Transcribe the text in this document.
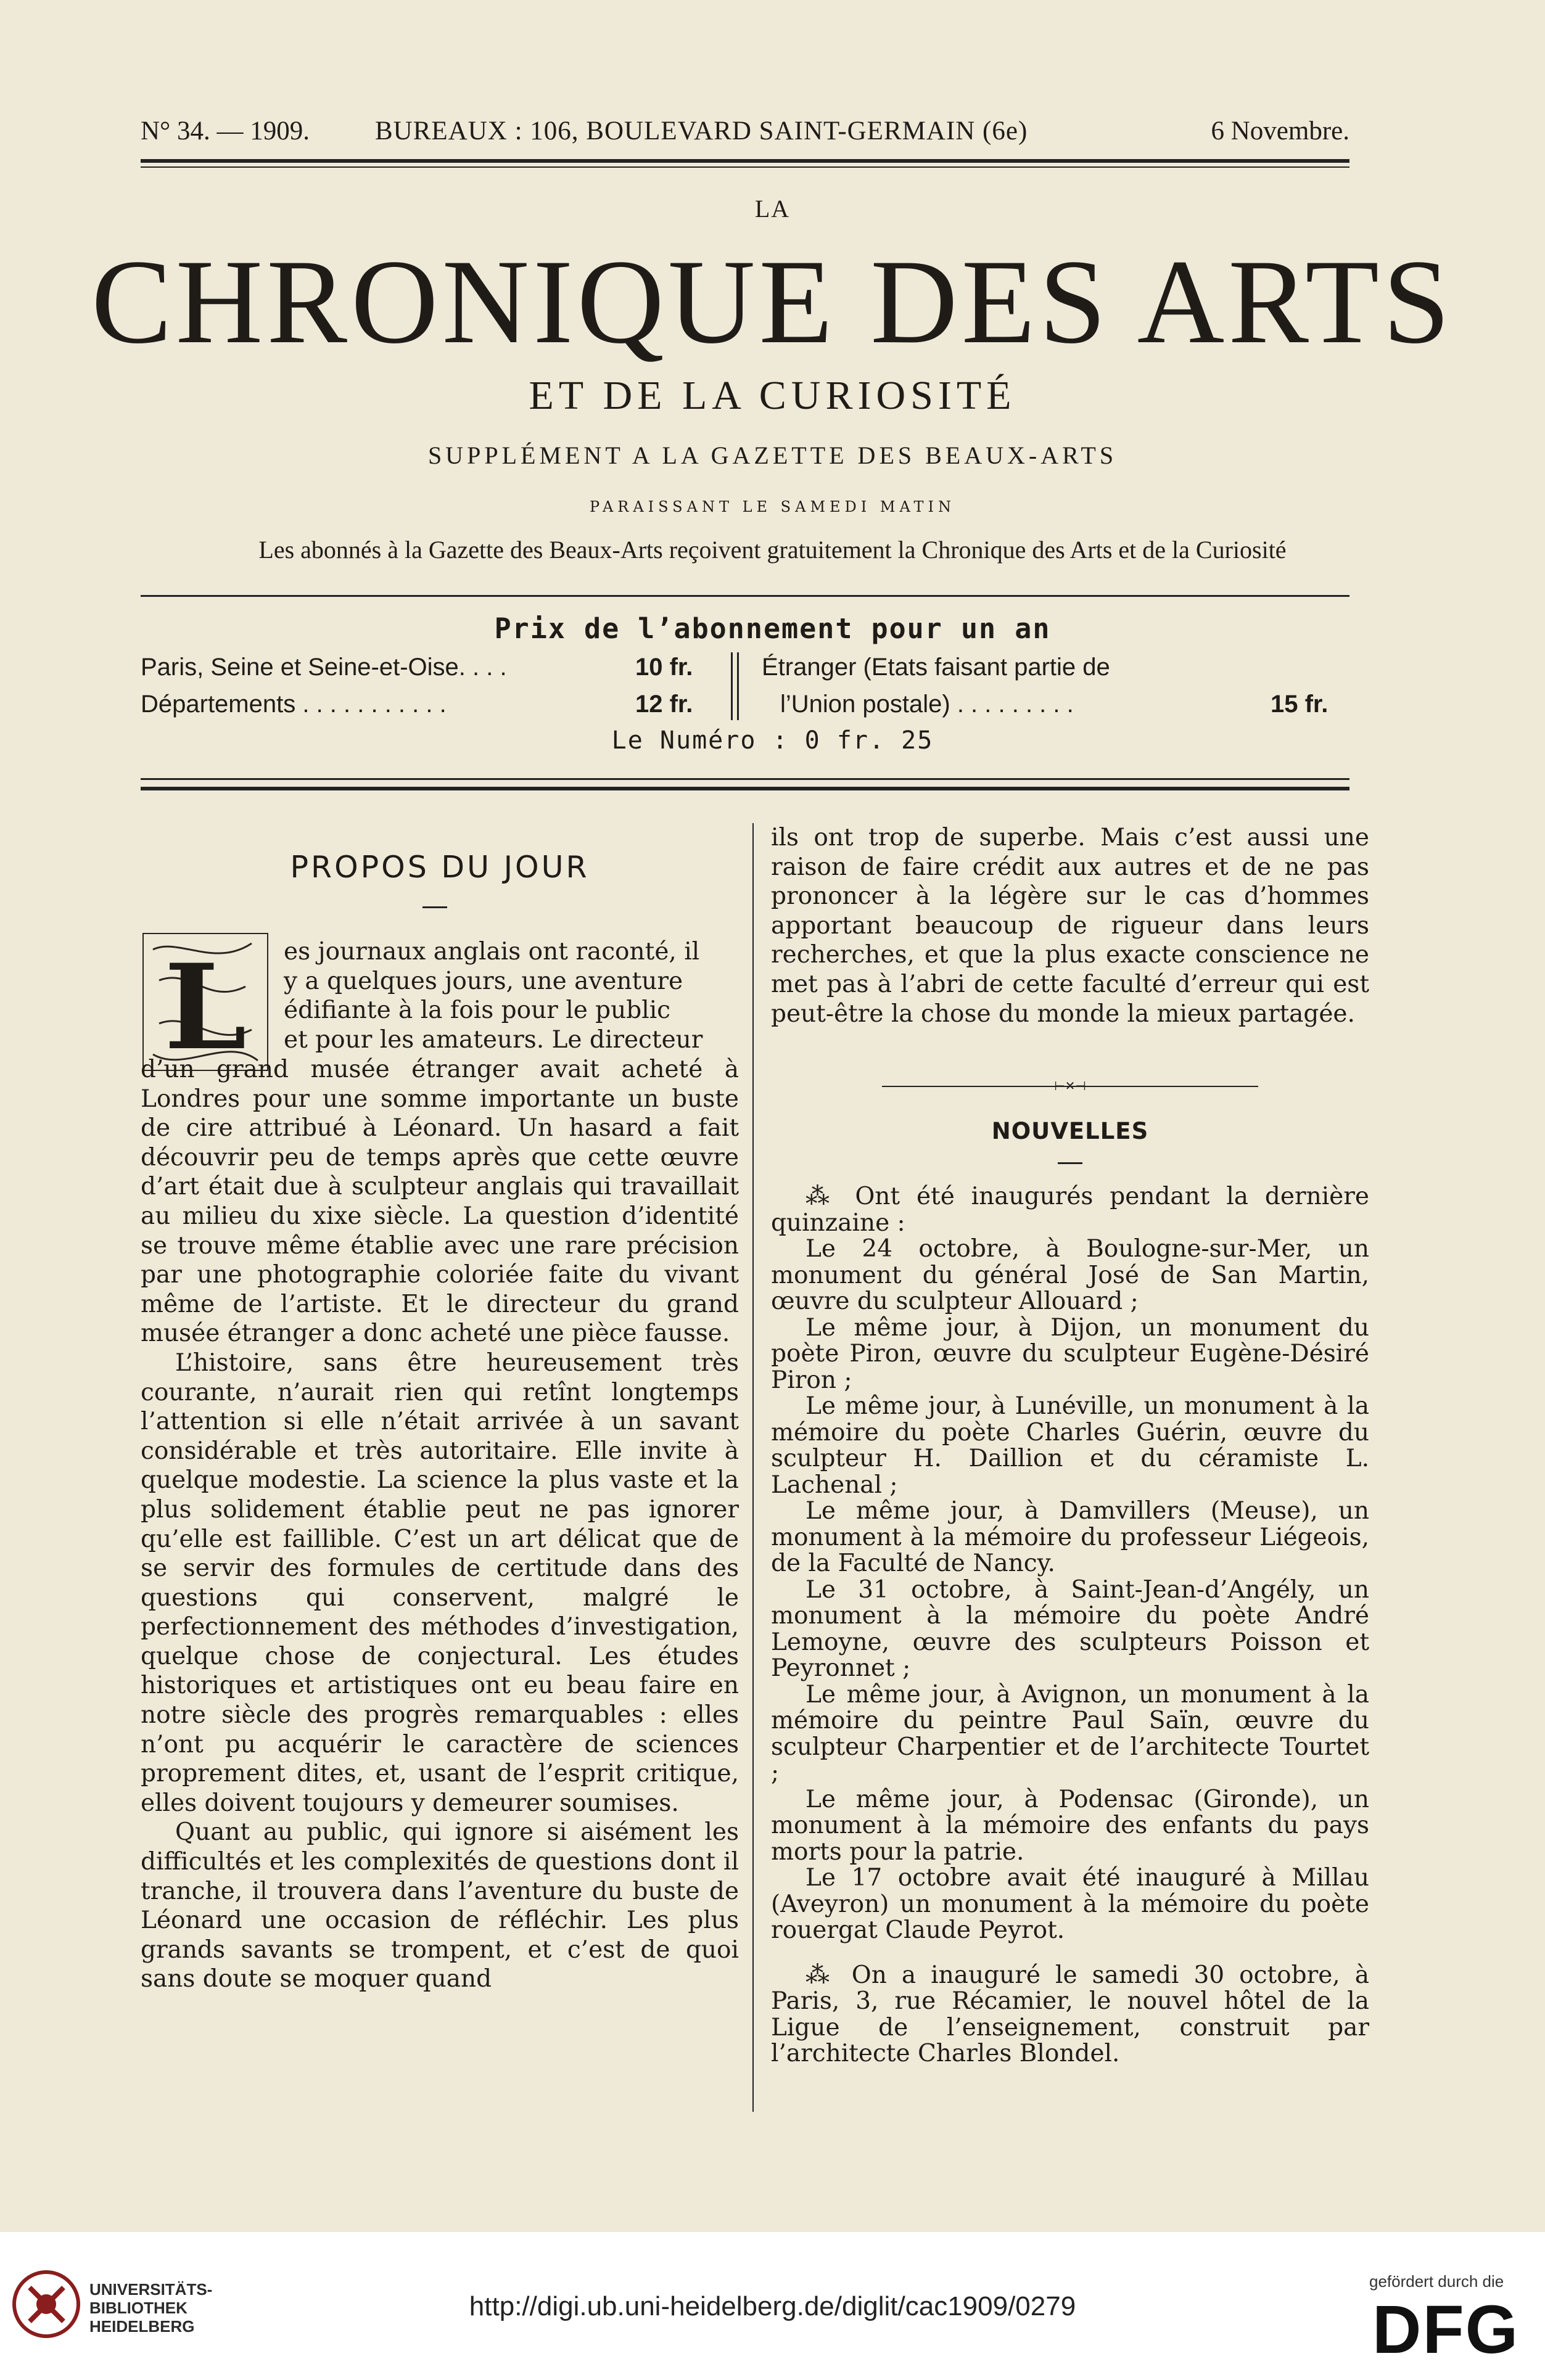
N° 34. — 1909. BUREAUX : 106, BOULEVARD SAINT-GERMAIN (6e)	6 Novembre.
LA
CHRONIQUE DES ARTS
ET DE LA CURIOSITÉ
SUPPLÉMENT A LA GAZETTE DES BEAUX-ARTS
PARAISSANT LE SAMEDI MATIN
Les abonnés à la Gazette des Beaux-Arts reçoivent gratuitement la Chronique des Arts et de la Curiosité
Prix de l’abonnement pour un an
Paris, Seine et Seine-et-Oise. . . .	10 fr.
Départements . . . . . . . . . . .	12 fr.
Étranger (Etats faisant partie de
l’Union postale) . . . . . . . . .	15 fr.
Le Numéro : 0 fr. 25
PROPOS DU JOUR
L es journaux anglais ont raconté, il
y a quelques jours, une aventure
édifiante à la fois pour le public
et pour les amateurs. Le directeur

d’un grand musée étranger avait acheté à Londres pour une somme importante un buste de cire attribué à Léonard. Un hasard a fait découvrir peu de temps après que cette œuvre d’art était due à sculpteur anglais qui travaillait au milieu du xixe siècle. La question d’identité se trouve même établie avec une rare précision par une photographie coloriée faite du vivant même de l’artiste. Et le directeur du grand musée étranger a donc acheté une pièce fausse.

L’histoire, sans être heureusement très courante, n’aurait rien qui retînt longtemps l’attention si elle n’était arrivée à un savant considérable et très autoritaire. Elle invite à quelque modestie. La science la plus vaste et la plus solidement établie peut ne pas ignorer qu’elle est faillible. C’est un art délicat que de se servir des formules de certitude dans des questions qui conservent, malgré le perfectionnement des méthodes d’investigation, quelque chose de conjectural. Les études historiques et artistiques ont eu beau faire en notre siècle des progrès remarquables : elles n’ont pu acquérir le caractère de sciences proprement dites, et, usant de l’esprit critique, elles doivent toujours y demeurer soumises.

Quant au public, qui ignore si aisément les difficultés et les complexités de questions dont il tranche, il trouvera dans l’aventure du buste de Léonard une occasion de réfléchir. Les plus grands savants se trompent, et c’est de quoi sans doute se moquer quand

ils ont trop de superbe. Mais c’est aussi une raison de faire crédit aux autres et de ne pas prononcer à la légère sur le cas d’hommes apportant beaucoup de rigueur dans leurs recherches, et que la plus exacte conscience ne met pas à l’abri de cette faculté d’erreur qui est peut-être la chose du monde la mieux partagée.

⊢✕⊣
NOUVELLES

⁂ Ont été inaugurés pendant la dernière quinzaine :

Le 24 octobre, à Boulogne-sur-Mer, un monument du général José de San Martin, œuvre du sculpteur Allouard ;

Le même jour, à Dijon, un monument du poète Piron, œuvre du sculpteur Eugène-Désiré Piron ;

Le même jour, à Lunéville, un monument à la mémoire du poète Charles Guérin, œuvre du sculpteur H. Daillion et du céramiste L. Lachenal ;

Le même jour, à Damvillers (Meuse), un monument à la mémoire du professeur Liégeois, de la Faculté de Nancy.

Le 31 octobre, à Saint-Jean-d’Angély, un monument à la mémoire du poète André Lemoyne, œuvre des sculpteurs Poisson et Peyronnet ;

Le même jour, à Avignon, un monument à la mémoire du peintre Paul Saïn, œuvre du sculpteur Charpentier et de l’architecte Tourtet ;

Le même jour, à Podensac (Gironde), un monument à la mémoire des enfants du pays morts pour la patrie.

Le 17 octobre avait été inauguré à Millau (Aveyron) un monument à la mémoire du poète rouergat Claude Peyrot.

⁂ On a inauguré le samedi 30 octobre, à Paris, 3, rue Récamier, le nouvel hôtel de la Ligue de l’enseignement, construit par l’architecte Charles Blondel.

UNIVERSITÄTS-
BIBLIOTHEK
HEIDELBERG
http://digi.ub.uni-heidelberg.de/diglit/cac1909/0279
gefördert durch die
DFG
